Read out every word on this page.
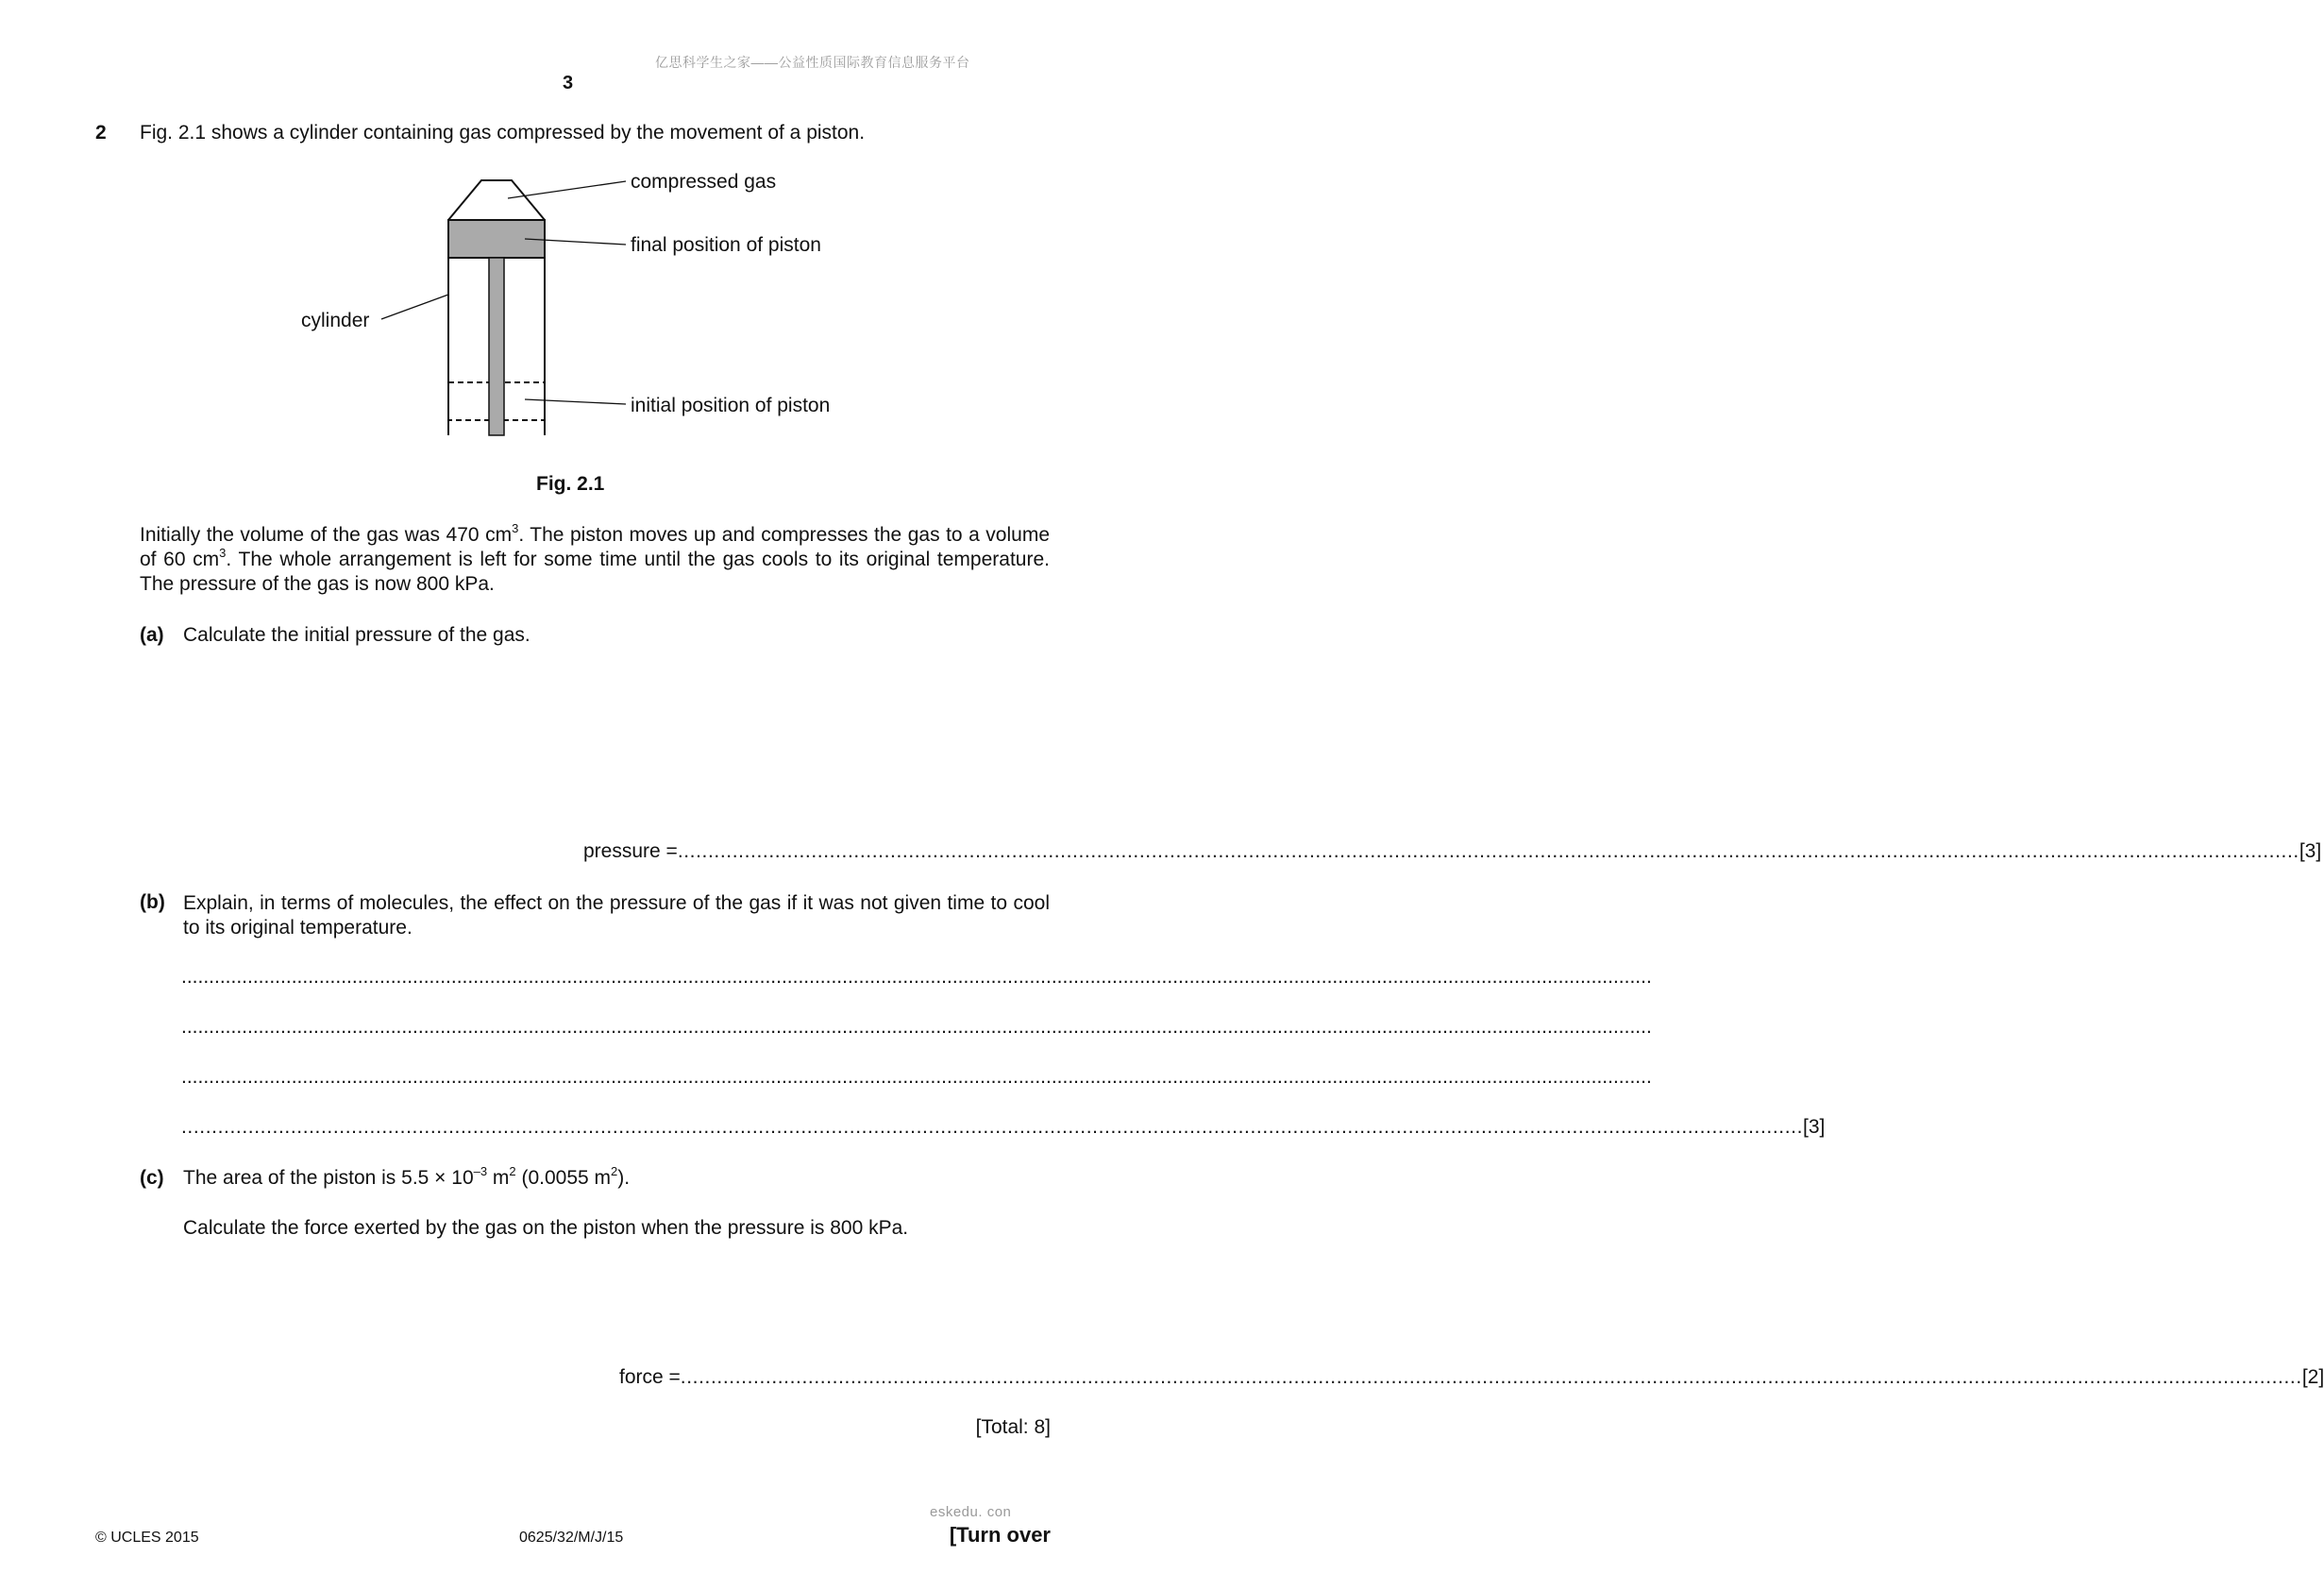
亿思科学生之家——公益性质国际教育信息服务平台
3
2 Fig. 2.1 shows a cylinder containing gas compressed by the movement of a piston.
compressed gas
final position of piston
cylinder
initial position of piston
Fig. 2.1
Initially the volume of the gas was 470 $cm^3$. The piston moves up and compresses the gas to a volume of 60 $cm^3$. The whole arrangement is left for some time until the gas cools to its original temperature. The pressure of the gas is now 800 kPa.
(a) Calculate the initial pressure of the gas.
pressure = ........................................................................................................................................................................................................................................................................... [3]
(b) Explain, in terms of molecules, the effect on the pressure of the gas if it was not given time to cool to its original temperature.
...........................................................................................................................................................................................................................................................................
...........................................................................................................................................................................................................................................................................
...........................................................................................................................................................................................................................................................................
........................................................................................................................................................................................................................................................................... [3]
(c) The area of the piston is $5.5 \times 10^{-3}$ $m^2$ (0.0055 $m^2$).
Calculate the force exerted by the gas on the piston when the pressure is 800 kPa.
force = ........................................................................................................................................................................................................................................................................... [2]
[Total: 8]
eskedu. con
© UCLES 2015	0625/32/M/J/15	[Turn over
